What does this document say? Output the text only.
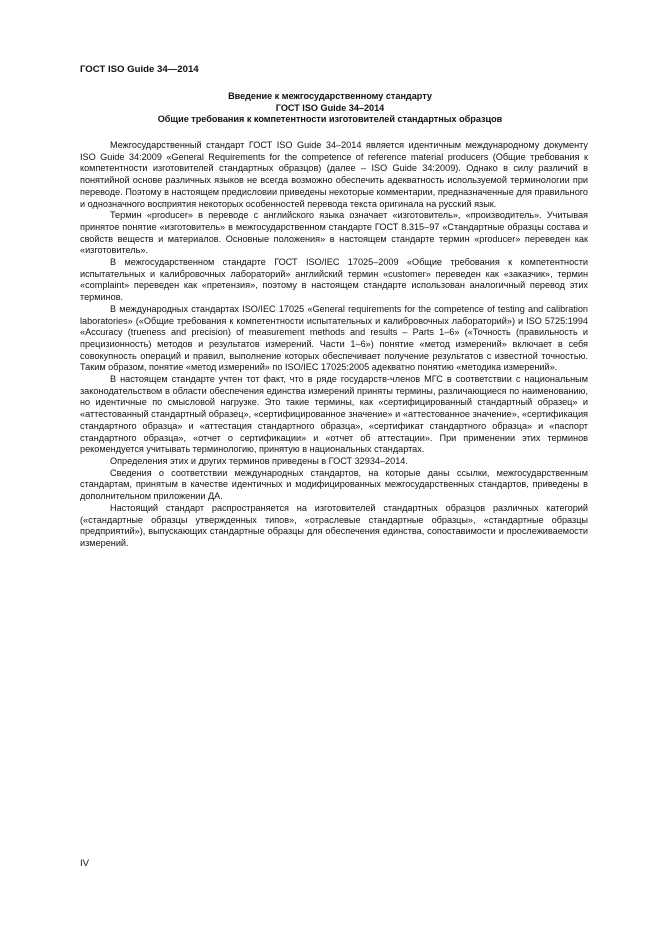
ГОСТ ISO Guide 34—2014
Введение к межгосударственному стандарту
ГОСТ ISO Guide 34–2014
Общие требования к компетентности изготовителей стандартных образцов

Межгосударственный стандарт ГОСТ ISO Guide 34–2014 является идентичным международному документу ISO Guide 34:2009 «General Requirements for the competence of reference material producers (Общие требования к компетентности изготовителей стандартных образцов) (далее – ISO Guide 34:2009). Однако в силу различий в понятийной основе различных языков не всегда возможно обеспечить адекватность используемой терминологии при переводе. Поэтому в настоящем предисловии приведены некоторые комментарии, предназначенные для правильного и однозначного восприятия некоторых особенностей перевода текста оригинала на русский язык.

Термин «producer» в переводе с английского языка означает «изготовитель», «производитель». Учитывая принятое понятие «изготовитель» в межгосударственном стандарте ГОСТ 8.315–97 «Стандартные образцы состава и свойств веществ и материалов. Основные положения» в настоящем стандарте термин «producer» переведен как «изготовитель».

В межгосударственном стандарте ГОСТ ISO/IEC 17025–2009 «Общие требования к компетентности испытательных и калибровочных лабораторий» английский термин «customer» переведен как «заказчик», термин «complaint» переведен как «претензия», поэтому в настоящем стандарте использован аналогичный перевод этих терминов.

В международных стандартах ISO/IEC 17025 «General requirements for the competence of testing and calibration laboratories» («Общие требования к компетентности испытательных и калибровочных лабораторий») и ISO 5725:1994 «Accuracy (trueness and precision) of measurement methods and results – Parts 1–6» («Точность (правильность и прецизионность) методов и результатов измерений. Части 1–6») понятие «метод измерений» включает в себя совокупность операций и правил, выполнение которых обеспечивает получение результатов с известной точностью. Таким образом, понятие «метод измерений» по ISO/IEC 17025:2005 адекватно понятию «методика измерений».

В настоящем стандарте учтен тот факт, что в ряде государств-членов МГС в соответствии с национальным законодательством в области обеспечения единства измерений приняты термины, различающиеся по наименованию, но идентичные по смысловой нагрузке. Это такие термины, как «сертифицированный стандартный образец» и «аттестованный стандартный образец», «сертифицированное значение» и «аттестованное значение», «сертификация стандартного образца» и «аттестация стандартного образца», «сертификат стандартного образца» и «паспорт стандартного образца», «отчет о сертификации» и «отчет об аттестации». При применении этих терминов рекомендуется учитывать терминологию, принятую в национальных стандартах.

Определения этих и других терминов приведены в ГОСТ 32934–2014.

Сведения о соответствии международных стандартов, на которые даны ссылки, межгосударственным стандартам, принятым в качестве идентичных и модифицированных межгосударственных стандартов, приведены в дополнительном приложении ДА.

Настоящий стандарт распространяется на изготовителей стандартных образцов различных категорий («стандартные образцы утвержденных типов», «отраслевые стандартные образцы», «стандартные образцы предприятий»), выпускающих стандартные образцы для обеспечения единства, сопоставимости и прослеживаемости измерений.

IV
